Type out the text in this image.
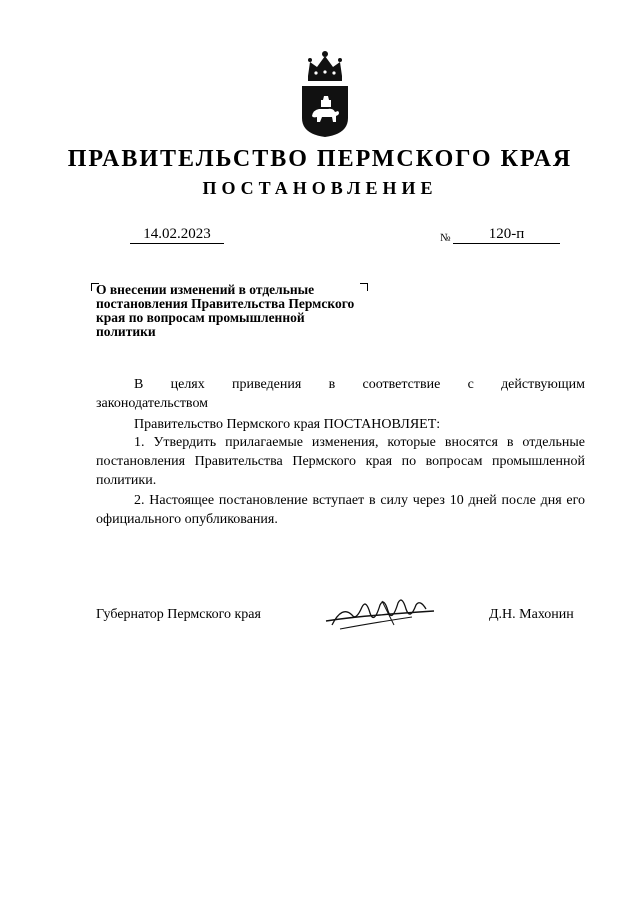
ПРАВИТЕЛЬСТВО ПЕРМСКОГО КРАЯ
ПОСТАНОВЛЕНИЕ
14.02.2023	№	120-п
О внесении изменений в отдельные постановления Правительства Пермского края по вопросам промышленной политики
В целях приведения в соответствие с действующим
законодательством
Правительство Пермского края ПОСТАНОВЛЯЕТ:
1. Утвердить прилагаемые изменения, которые вносятся в отдельные постановления Правительства Пермского края по вопросам промышленной политики.
2. Настоящее постановление вступает в силу через 10 дней после дня его официального опубликования.
Губернатор Пермского края	Д.Н. Махонин
